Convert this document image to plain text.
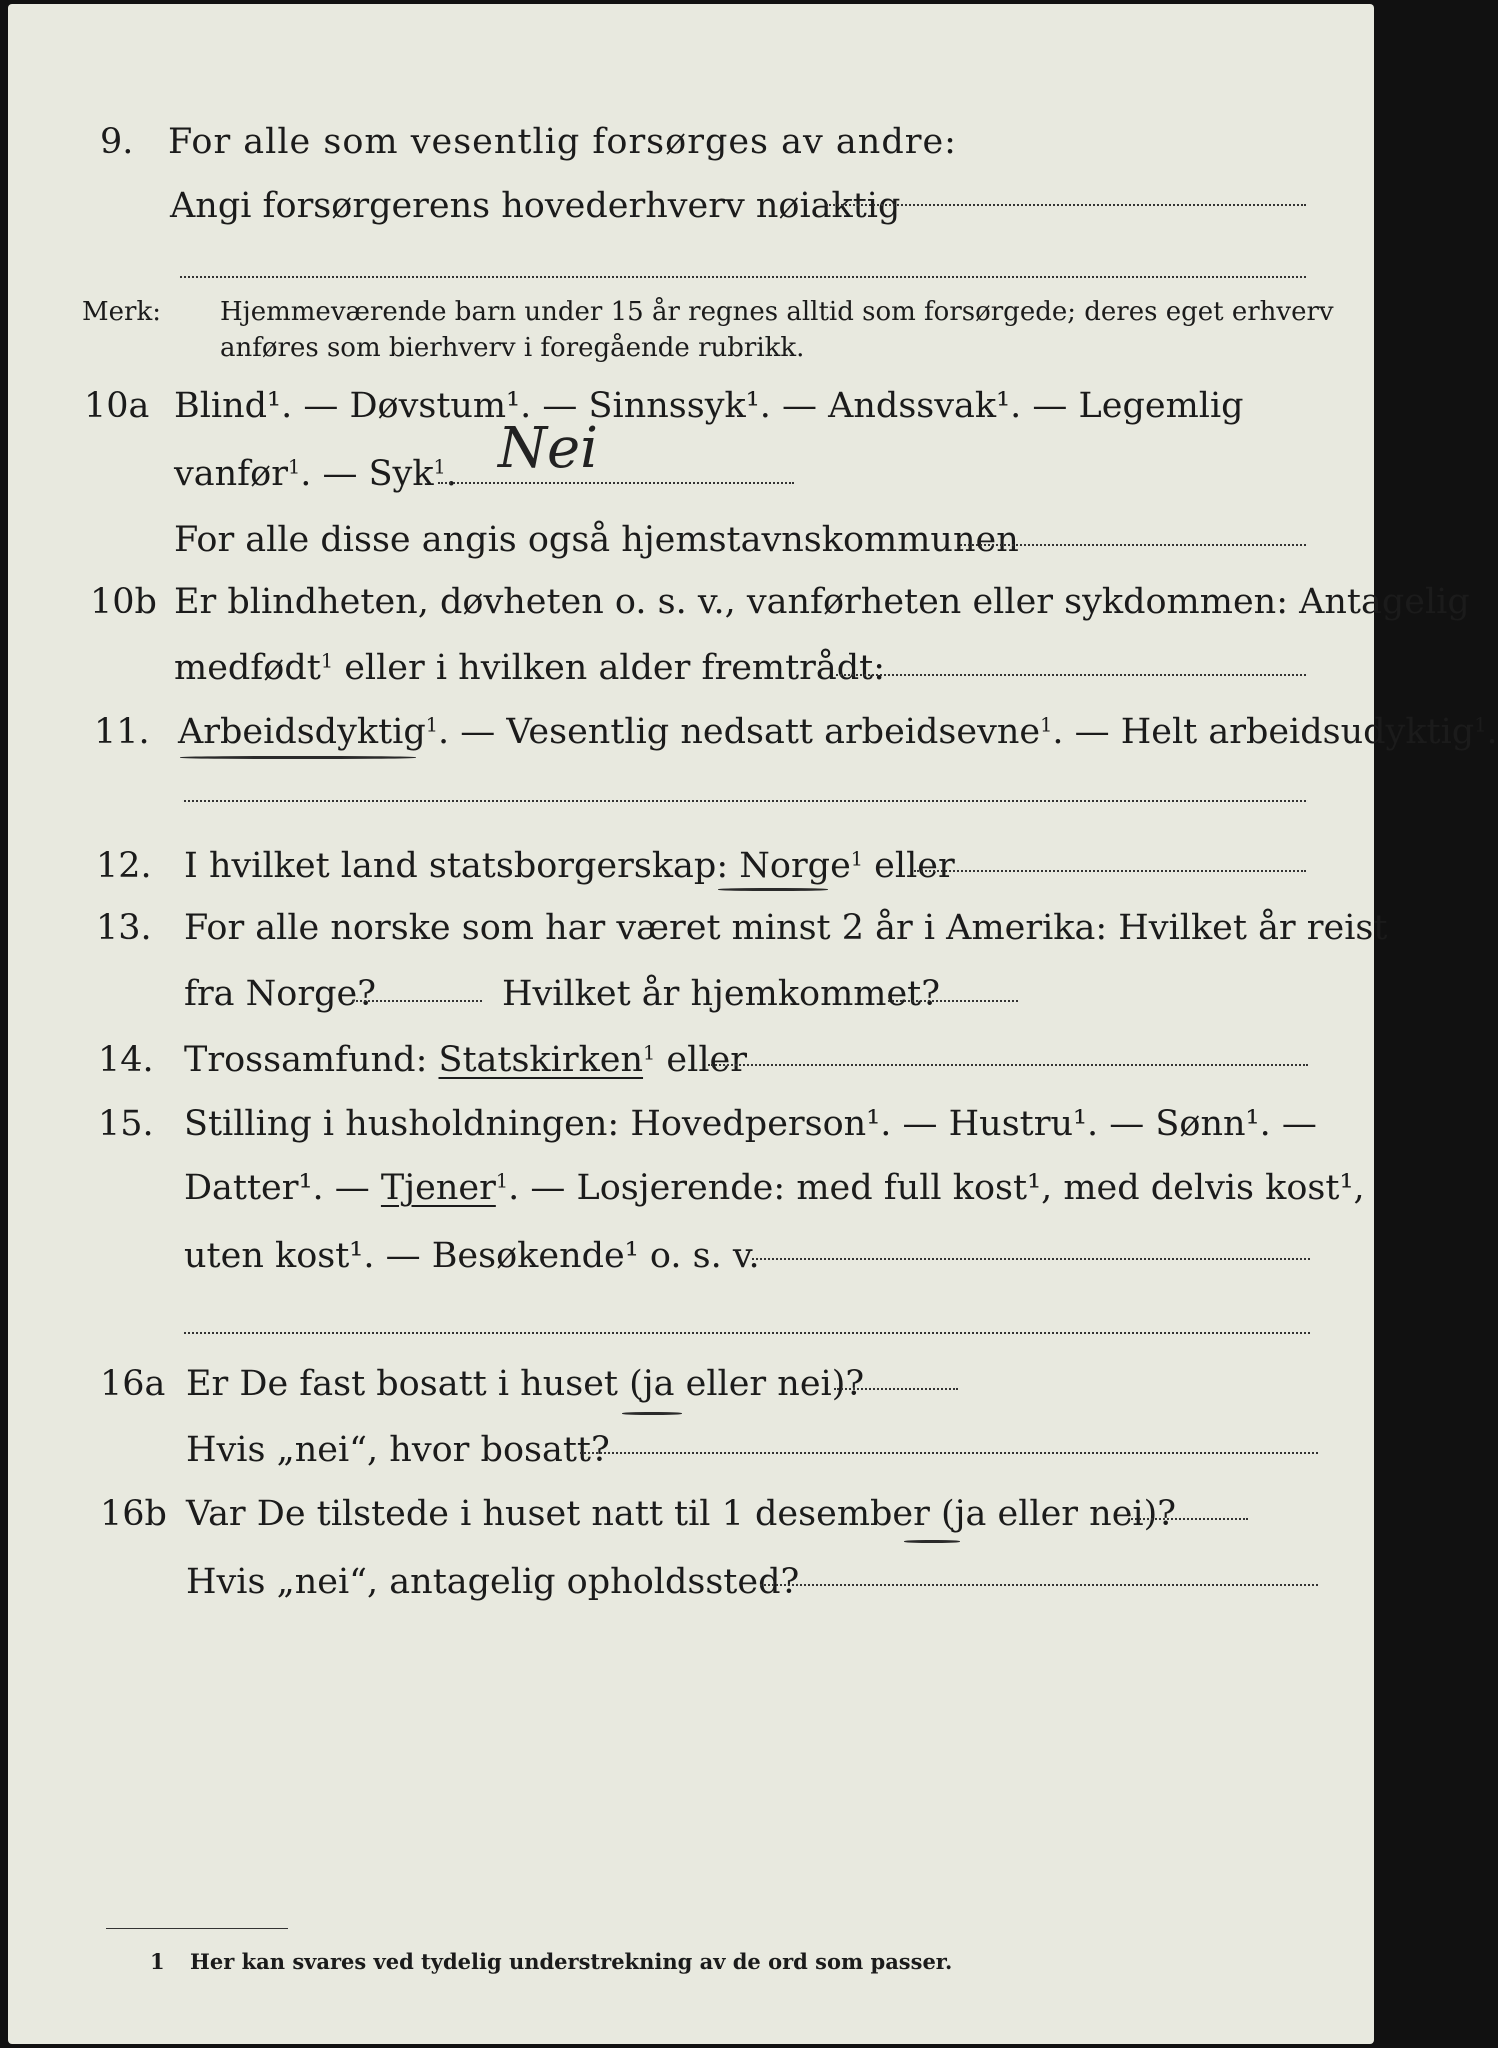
9. For alle som vesentlig forsørges av andre:
Angi forsørgerens hovederhverv nøiaktig
Merk: Hjemmeværende barn under 15 år regnes alltid som forsørgede; deres eget erhverv
anføres som bierhverv i foregående rubrikk.
10a Blind¹. — Døvstum¹. — Sinnssyk¹. — Andssvak¹. — Legemlig
vanfør$^1$. — Syk$^1$. Nei
For alle disse angis også hjemstavnskommunen
10b Er blindheten, døvheten o. s. v., vanførheten eller sykdommen: Antagelig
medfødt$^1$ eller i hvilken alder fremtrådt:
11. Arbeidsdyktig$^1$. — Vesentlig nedsatt arbeidsevne$^1$. — Helt arbeidsudyktig$^1$.
12. I hvilket land statsborgerskap: Norge$^1$ eller
13. For alle norske som har været minst 2 år i Amerika: Hvilket år reist
fra Norge?	Hvilket år hjemkommet?
14. Trossamfund: Statskirken$^1$ eller
15. Stilling i husholdningen: Hovedperson¹. — Hustru¹. — Sønn¹. —
Datter¹. — Tjener$^1$. — Losjerende: med full kost¹, med delvis kost¹,
uten kost¹. — Besøkende¹ o. s. v.
16a Er De fast bosatt i huset (ja eller nei)?
Hvis „nei“, hvor bosatt?
16b Var De tilstede i huset natt til 1 desember (ja eller nei)?
Hvis „nei“, antagelig opholdssted?
1 Her kan svares ved tydelig understrekning av de ord som passer.
